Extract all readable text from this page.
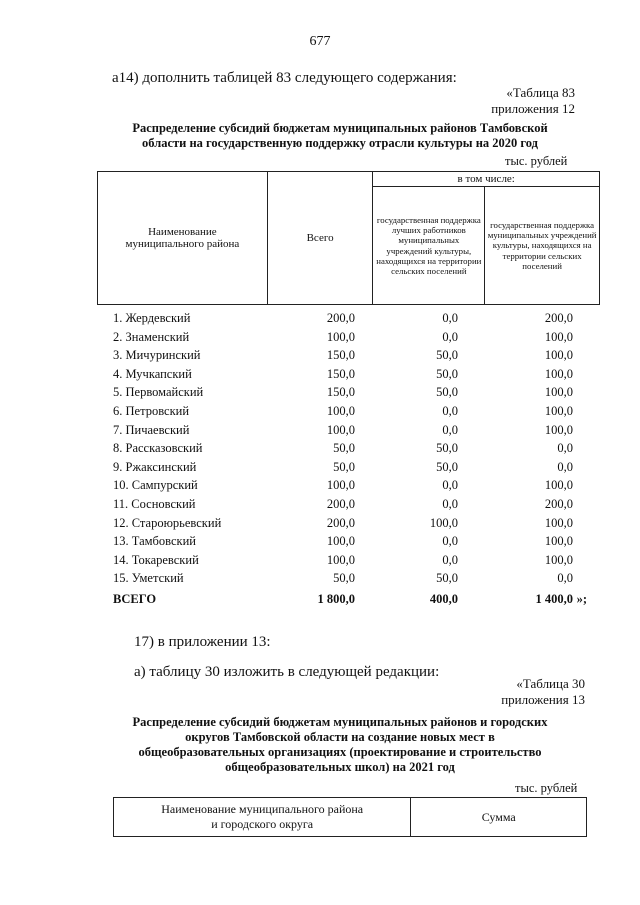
677
а14) дополнить таблицей 83 следующего содержания:
«Таблица 83
приложения 12
Распределение субсидий бюджетам муниципальных районов Тамбовской
области на государственную поддержку отрасли культуры на 2020 год
тыс. рублей
Наименование муниципального района	Всего	в том числе:	
		государственная поддержка лучших работников муниципальных учреждений культуры, находящихся на территории сельских поселений	государственная поддержка муниципальных учреждений культуры, находящихся на территории сельских поселений
1. Жердевский	200,0	0,0	200,0
2. Знаменский	100,0	0,0	100,0
3. Мичуринский	150,0	50,0	100,0
4. Мучкапский	150,0	50,0	100,0
5. Первомайский	150,0	50,0	100,0
6. Петровский	100,0	0,0	100,0
7. Пичаевский	100,0	0,0	100,0
8. Рассказовский	50,0	50,0	0,0
9. Ржаксинский	50,0	50,0	0,0
10. Сампурский	100,0	0,0	100,0
11. Сосновский	200,0	0,0	200,0
12. Староюрьевский	200,0	100,0	100,0
13. Тамбовский	100,0	0,0	100,0
14. Токаревский	100,0	0,0	100,0
15. Уметский	50,0	50,0	0,0
ВСЕГО	1 800,0	400,0	1 400,0 »;
17) в приложении 13:
а) таблицу 30 изложить в следующей редакции:
«Таблица 30
приложения 13
Распределение субсидий бюджетам муниципальных районов и городских
округов Тамбовской области на создание новых мест в
общеобразовательных организациях (проектирование и строительство
общеобразовательных школ) на 2021 год
тыс. рублей
Наименование муниципального района
и городского округа
	Сумма
